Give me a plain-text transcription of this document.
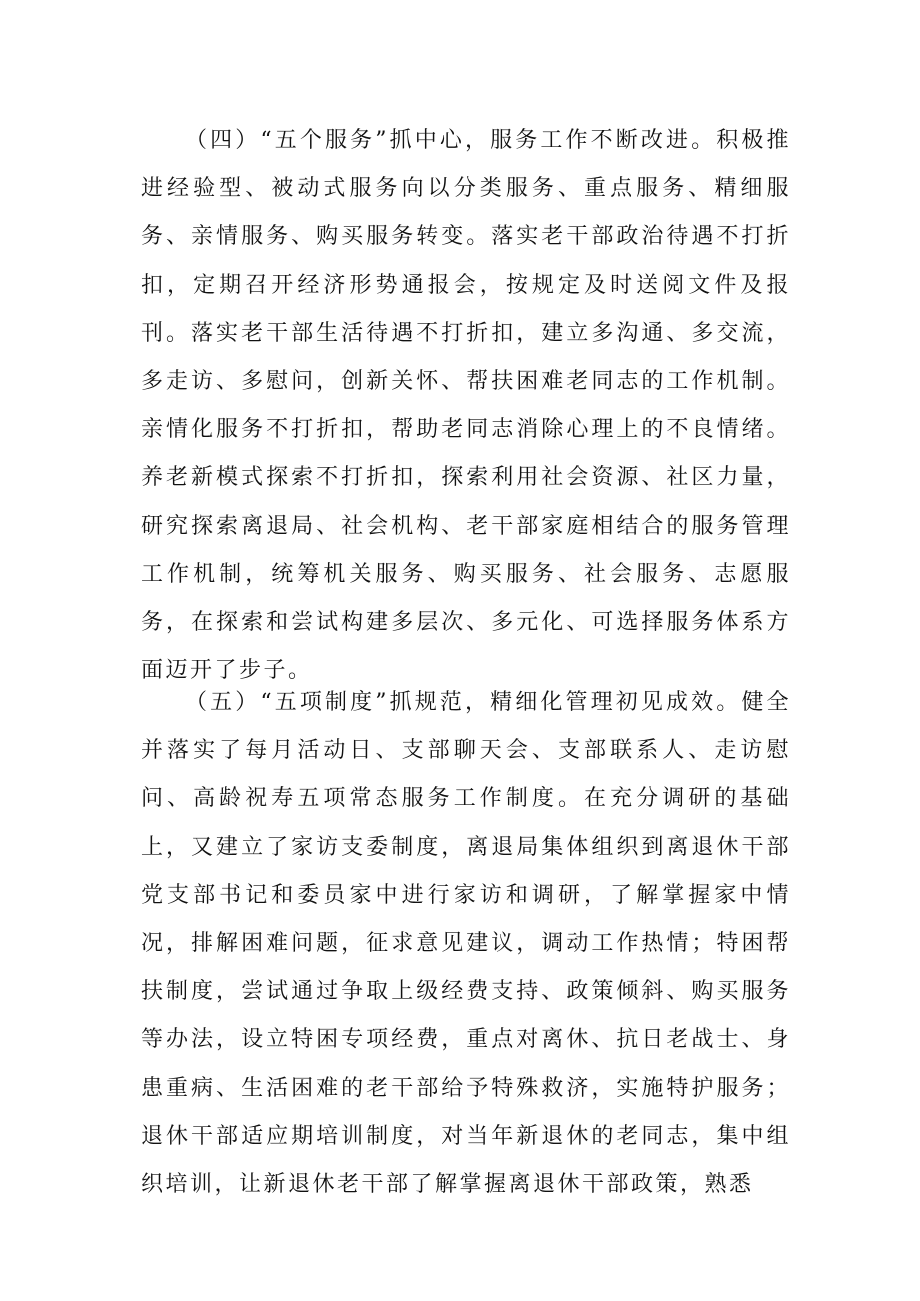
（四）“五个服务”抓中心，服务工作不断改进。积极推进经验型、被动式服务向以分类服务、重点服务、精细服务、亲情服务、购买服务转变。落实老干部政治待遇不打折扣，定期召开经济形势通报会，按规定及时送阅文件及报刊。落实老干部生活待遇不打折扣，建立多沟通、多交流，多走访、多慰问，创新关怀、帮扶困难老同志的工作机制。亲情化服务不打折扣，帮助老同志消除心理上的不良情绪。养老新模式探索不打折扣，探索利用社会资源、社区力量，研究探索离退局、社会机构、老干部家庭相结合的服务管理工作机制，统筹机关服务、购买服务、社会服务、志愿服务，在探索和尝试构建多层次、多元化、可选择服务体系方面迈开了步子。

（五）“五项制度”抓规范，精细化管理初见成效。健全并落实了每月活动日、支部聊天会、支部联系人、走访慰问、高龄祝寿五项常态服务工作制度。在充分调研的基础上，又建立了家访支委制度，离退局集体组织到离退休干部党支部书记和委员家中进行家访和调研，了解掌握家中情况，排解困难问题，征求意见建议，调动工作热情；特困帮扶制度，尝试通过争取上级经费支持、政策倾斜、购买服务等办法，设立特困专项经费，重点对离休、抗日老战士、身患重病、生活困难的老干部给予特殊救济，实施特护服务；退休干部适应期培训制度，对当年新退休的老同志，集中组织培训，让新退休老干部了解掌握离退休干部政策，熟悉
